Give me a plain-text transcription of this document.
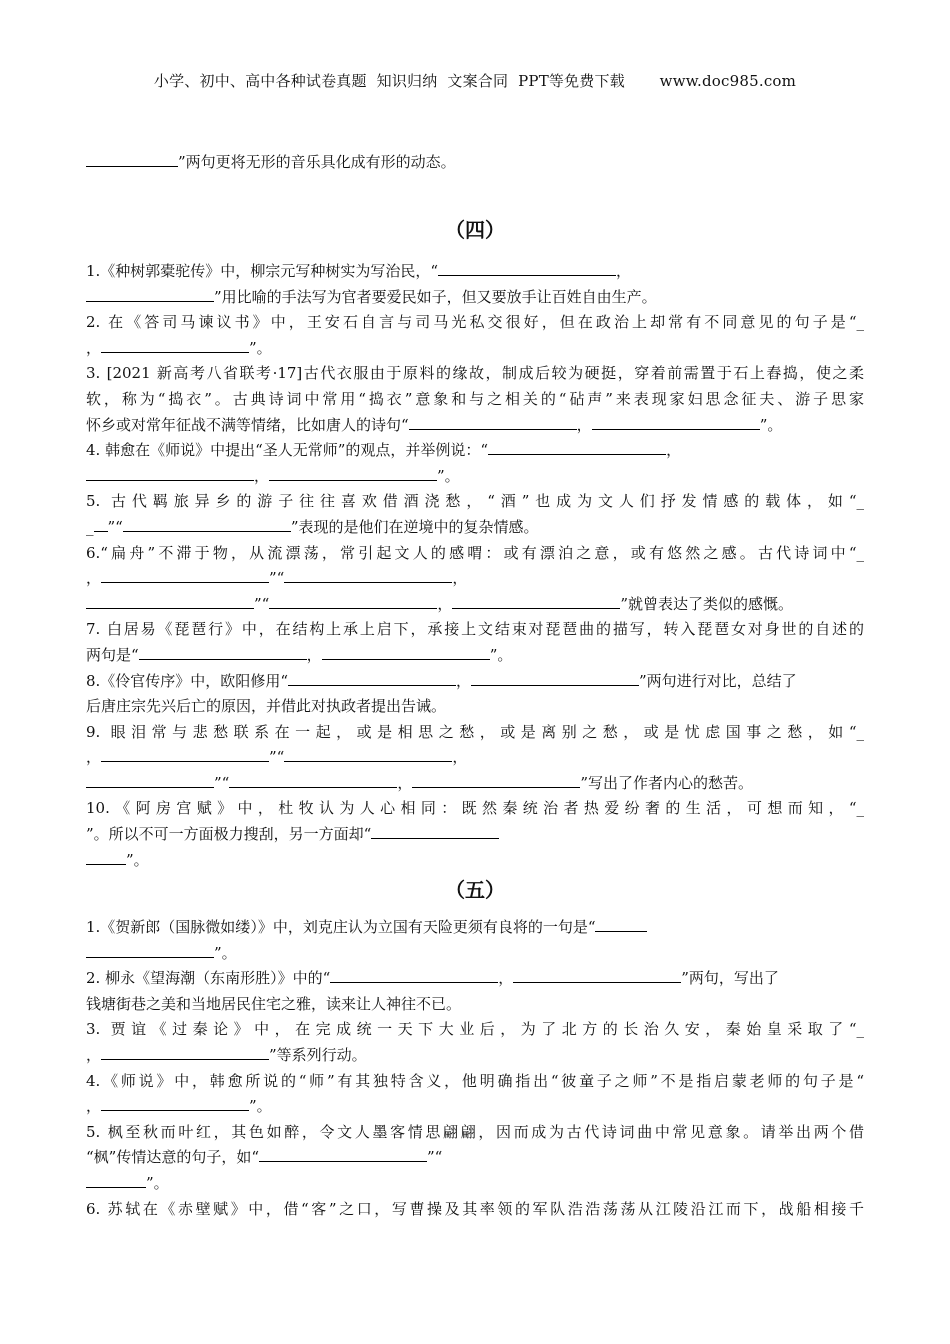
小学、初中、高中各种试卷真题  知识归纳  文案合同  PPT等免费下载       www.doc985.com
”两句更将无形的音乐具化成有形的动态。
（四）
1.《种树郭橐驼传》中，柳宗元写种树实为写治民，“	，
”用比喻的手法写为官者要爱民如子，但又要放手让百姓自由生产。
2. 在《答司马谏议书》中，王安石自言与司马光私交很好，但在政治上却常有不同意见的句子是“_
，	”。
3. [2021 新高考八省联考·17]古代衣服由于原料的缘故，制成后较为硬挺，穿着前需置于石上舂捣，使之柔
软，称为“捣衣”。古典诗词中常用“捣衣”意象和与之相关的“砧声”来表现家妇思念征夫、游子思家
怀乡或对常年征战不满等情绪，比如唐人的诗句“	，	”。
4. 韩愈在《师说》中提出“圣人无常师”的观点，并举例说：“	，
，	”。
5. 古代羁旅异乡的游子往往喜欢借酒浇愁，“酒”也成为文人们抒发情感的载体，如“_
_ ”“	”表现的是他们在逆境中的复杂情感。
6.“扁舟”不滞于物，从流漂荡，常引起文人的感喟：或有漂泊之意，或有悠然之感。古代诗词中“_
，	”“	，
”“	，	”就曾表达了类似的感慨。
7. 白居易《琵琶行》中，在结构上承上启下，承接上文结束对琵琶曲的描写，转入琵琶女对身世的自述的
两句是“	，	”。
8.《伶官传序》中，欧阳修用“	，	”两句进行对比，总结了
后唐庄宗先兴后亡的原因，并借此对执政者提出告诫。
9. 眼泪常与悲愁联系在一起，或是相思之愁，或是离别之愁，或是忧虑国事之愁，如“_
，	”“	，
”“	，	”写出了作者内心的愁苦。
10.《阿房宫赋》中，杜牧认为人心相同：既然秦统治者热爱纷奢的生活，可想而知，“_
”。所以不可一方面极力搜刮，另一方面却“
”。
（五）
1.《贺新郎（国脉微如缕）》中，刘克庄认为立国有天险更须有良将的一句是“
”。
2. 柳永《望海潮（东南形胜）》中的“	，	”两句，写出了
钱塘街巷之美和当地居民住宅之雅，读来让人神往不已。
3. 贾谊《过秦论》中，在完成统一天下大业后，为了北方的长治久安，秦始皇采取了“_
，	”等系列行动。
4.《师说》中，韩愈所说的“师”有其独特含义，他明确指出“彼童子之师”不是指启蒙老师的句子是“
，	”。
5. 枫至秋而叶红，其色如醉，令文人墨客情思翩翩，因而成为古代诗词曲中常见意象。请举出两个借
“枫”传情达意的句子，如“	”“
”。
6. 苏轼在《赤壁赋》中，借“客”之口，写曹操及其率领的军队浩浩荡荡从江陵沿江而下，战船相接千
